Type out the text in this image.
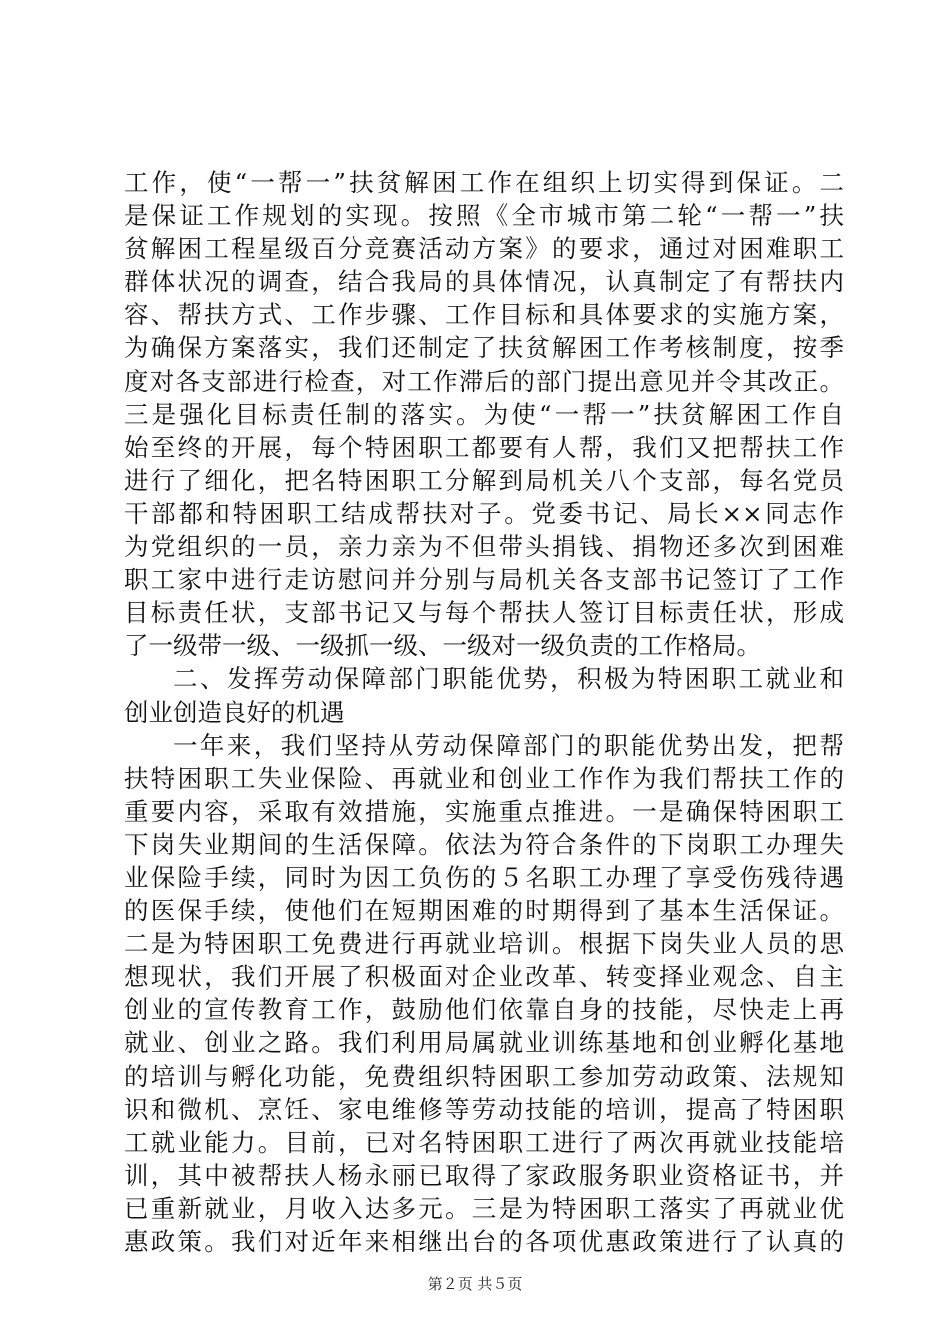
工作，使“一帮一”扶贫解困工作在组织上切实得到保证。二
是保证工作规划的实现。按照《全市城市第二轮“一帮一”扶
贫解困工程星级百分竞赛活动方案》的要求，通过对困难职工
群体状况的调查，结合我局的具体情况，认真制定了有帮扶内
容、帮扶方式、工作步骤、工作目标和具体要求的实施方案，
为确保方案落实，我们还制定了扶贫解困工作考核制度，按季
度对各支部进行检查，对工作滞后的部门提出意见并令其改正。
三是强化目标责任制的落实。为使“一帮一”扶贫解困工作自
始至终的开展，每个特困职工都要有人帮，我们又把帮扶工作
进行了细化，把名特困职工分解到局机关八个支部，每名党员
干部都和特困职工结成帮扶对子。党委书记、局长××同志作
为党组织的一员，亲力亲为不但带头捐钱、捐物还多次到困难
职工家中进行走访慰问并分别与局机关各支部书记签订了工作
目标责任状，支部书记又与每个帮扶人签订目标责任状，形成
了一级带一级、一级抓一级、一级对一级负责的工作格局。
二、发挥劳动保障部门职能优势，积极为特困职工就业和
创业创造良好的机遇
一年来，我们坚持从劳动保障部门的职能优势出发，把帮
扶特困职工失业保险、再就业和创业工作作为我们帮扶工作的
重要内容，采取有效措施，实施重点推进。一是确保特困职工
下岗失业期间的生活保障。依法为符合条件的下岗职工办理失
业保险手续，同时为因工负伤的５名职工办理了享受伤残待遇
的医保手续，使他们在短期困难的时期得到了基本生活保证。
二是为特困职工免费进行再就业培训。根据下岗失业人员的思
想现状，我们开展了积极面对企业改革、转变择业观念、自主
创业的宣传教育工作，鼓励他们依靠自身的技能，尽快走上再
就业、创业之路。我们利用局属就业训练基地和创业孵化基地
的培训与孵化功能，免费组织特困职工参加劳动政策、法规知
识和微机、烹饪、家电维修等劳动技能的培训，提高了特困职
工就业能力。目前，已对名特困职工进行了两次再就业技能培
训，其中被帮扶人杨永丽已取得了家政服务职业资格证书，并
已重新就业，月收入达多元。三是为特困职工落实了再就业优
惠政策。我们对近年来相继出台的各项优惠政策进行了认真的
第２页 共５页
